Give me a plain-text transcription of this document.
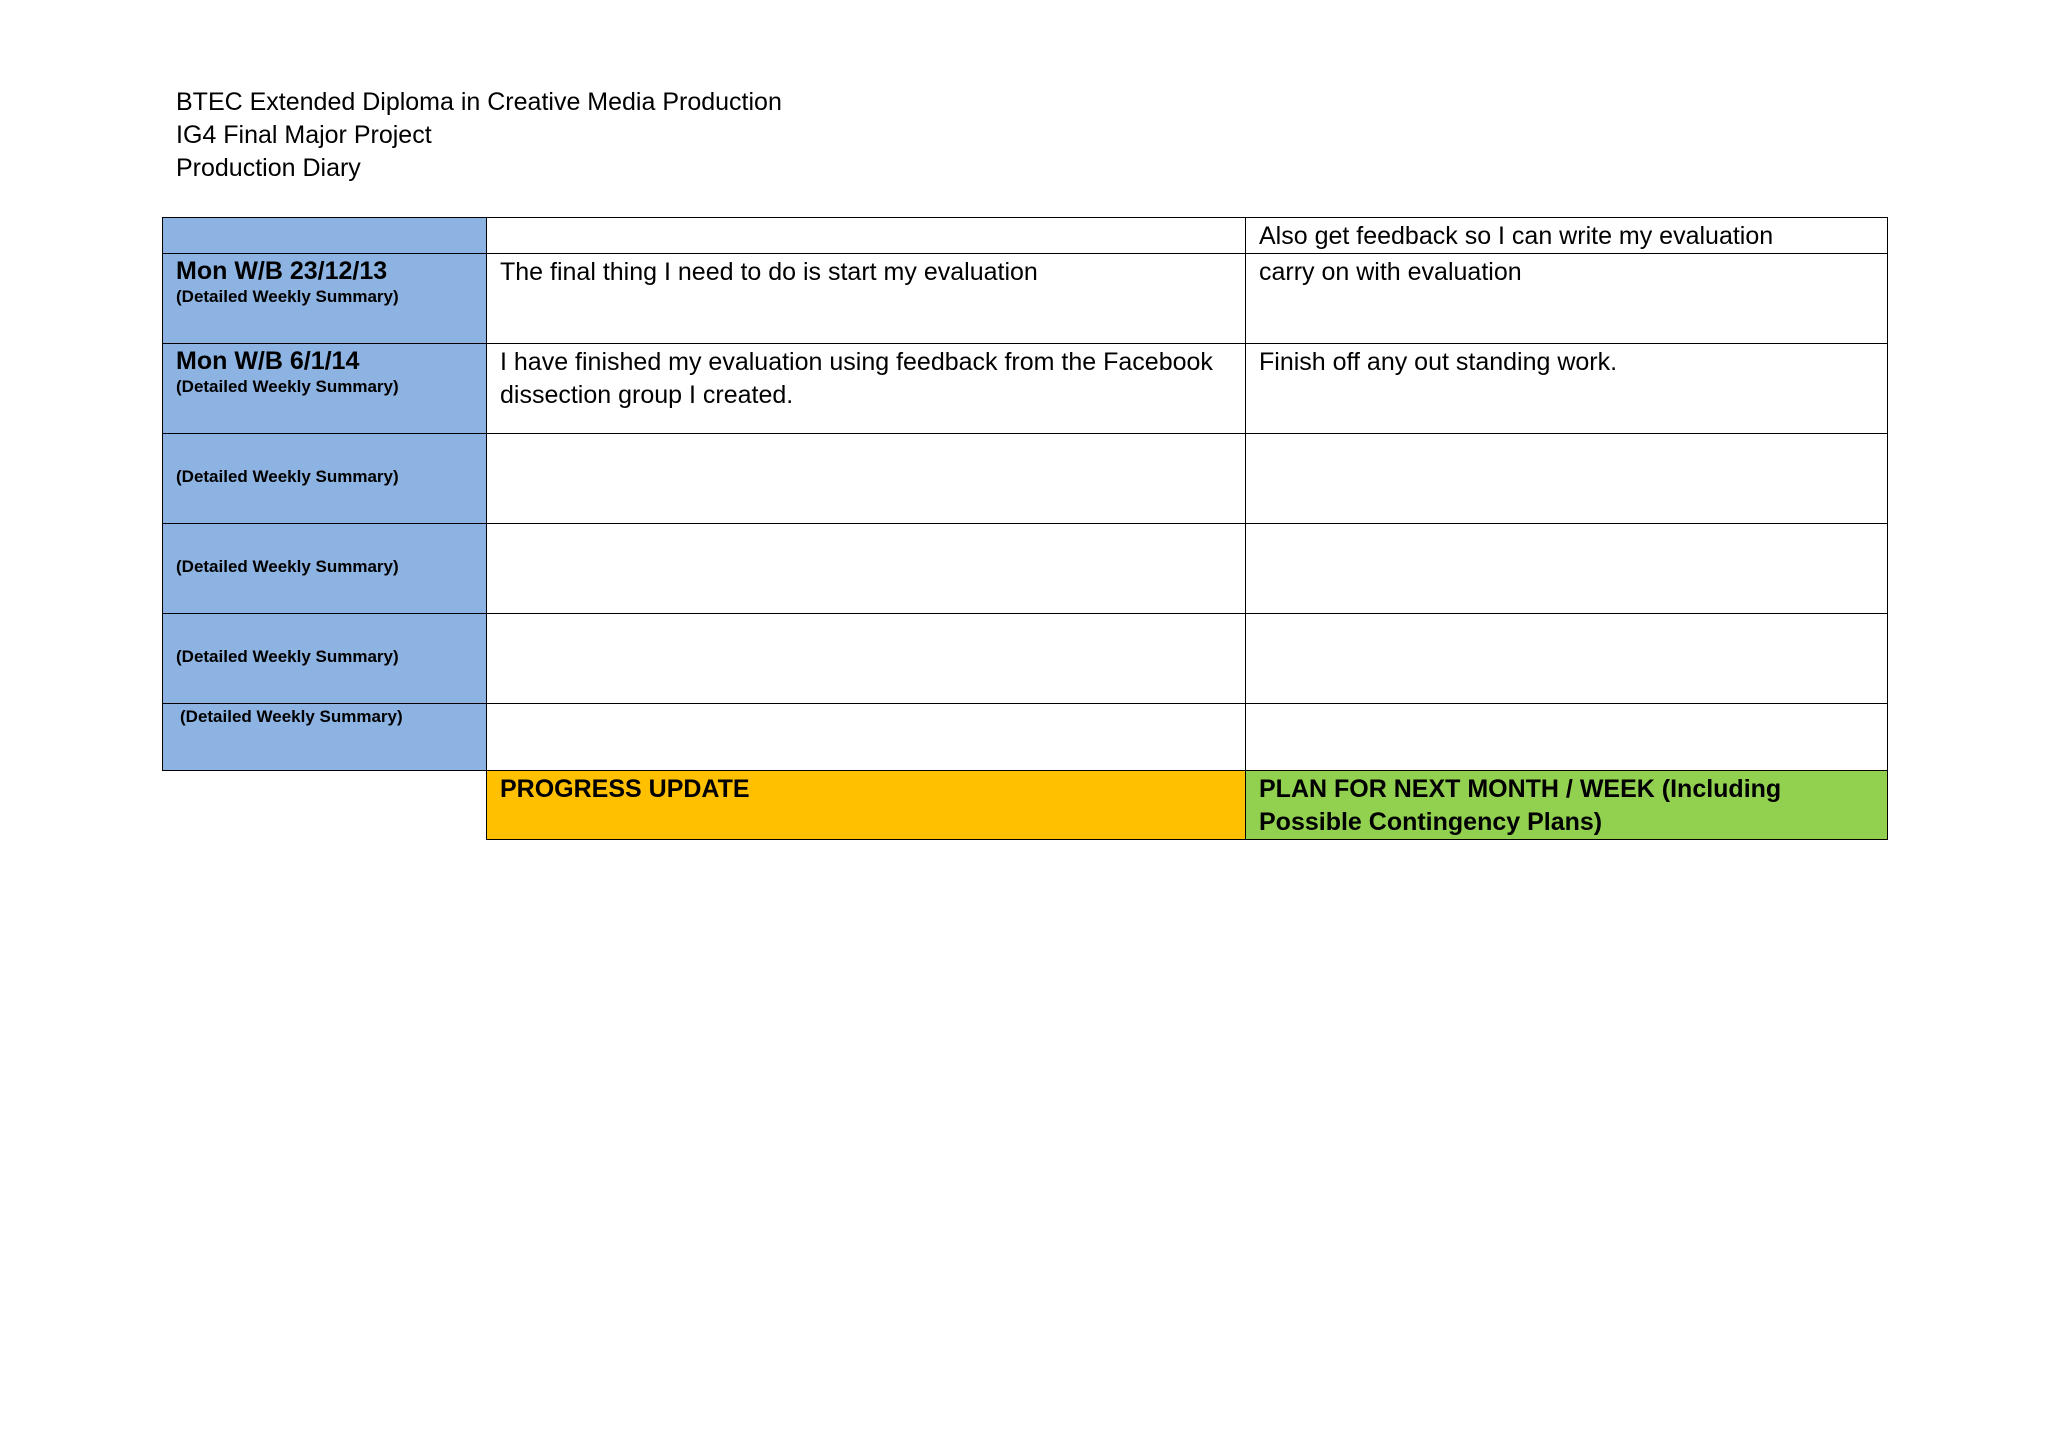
BTEC Extended Diploma in Creative Media Production
IG4 Final Major Project
Production Diary
		Also get feedback so I can write my evaluation

Mon W/B 23/12/13
(Detailed Weekly Summary)	The final thing I need to do is start my evaluation	carry on with evaluation

Mon W/B 6/1/14
(Detailed Weekly Summary)	I have finished my evaluation using feedback from the Facebook dissection group I created.	Finish off any out standing work.

(Detailed Weekly Summary)		

(Detailed Weekly Summary)		

(Detailed Weekly Summary)		

(Detailed Weekly Summary)		

	PROGRESS UPDATE	PLAN FOR NEXT MONTH / WEEK (Including Possible Contingency Plans)
